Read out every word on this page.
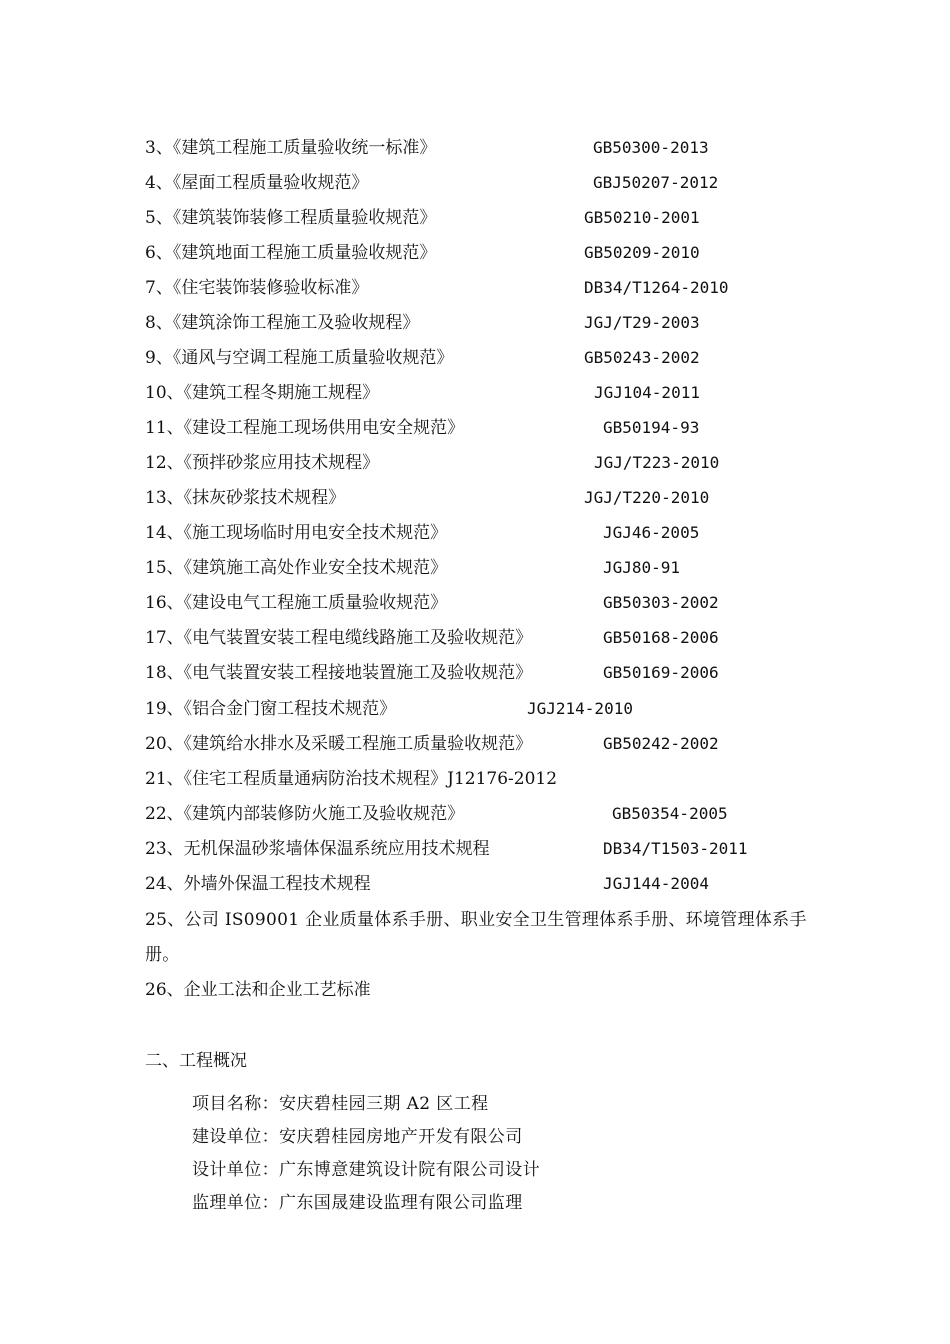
3、《建筑工程施工质量验收统一标准》	GB50300-2013
4、《屋面工程质量验收规范》	GBJ50207-2012
5、《建筑装饰装修工程质量验收规范》	GB50210-2001
6、《建筑地面工程施工质量验收规范》	GB50209-2010
7、《住宅装饰装修验收标准》	DB34/T1264-2010
8、《建筑涂饰工程施工及验收规程》	JGJ/T29-2003
9、《通风与空调工程施工质量验收规范》	GB50243-2002
10、《建筑工程冬期施工规程》	JGJ104-2011
11、《建设工程施工现场供用电安全规范》	GB50194-93
12、《预拌砂浆应用技术规程》	JGJ/T223-2010
13、《抹灰砂浆技术规程》	JGJ/T220-2010
14、《施工现场临时用电安全技术规范》	JGJ46-2005
15、《建筑施工高处作业安全技术规范》	JGJ80-91
16、《建设电气工程施工质量验收规范》	GB50303-2002
17、《电气装置安装工程电缆线路施工及验收规范》	GB50168-2006
18、《电气装置安装工程接地装置施工及验收规范》	GB50169-2006
19、《铝合金门窗工程技术规范》	JGJ214-2010
20、《建筑给水排水及采暖工程施工质量验收规范》	GB50242-2002
21、《住宅工程质量通病防治技术规程》J12176-2012
22、《建筑内部装修防火施工及验收规范》	GB50354-2005
23、无机保温砂浆墙体保温系统应用技术规程	DB34/T1503-2011
24、外墙外保温工程技术规程	JGJ144-2004
25、公司 IS09001 企业质量体系手册、职业安全卫生管理体系手册、环境管理体系手册。
26、企业工法和企业工艺标准
二、工程概况
项目名称：安庆碧桂园三期 A2 区工程
建设单位：安庆碧桂园房地产开发有限公司
设计单位：广东博意建筑设计院有限公司设计
监理单位：广东国晟建设监理有限公司监理
